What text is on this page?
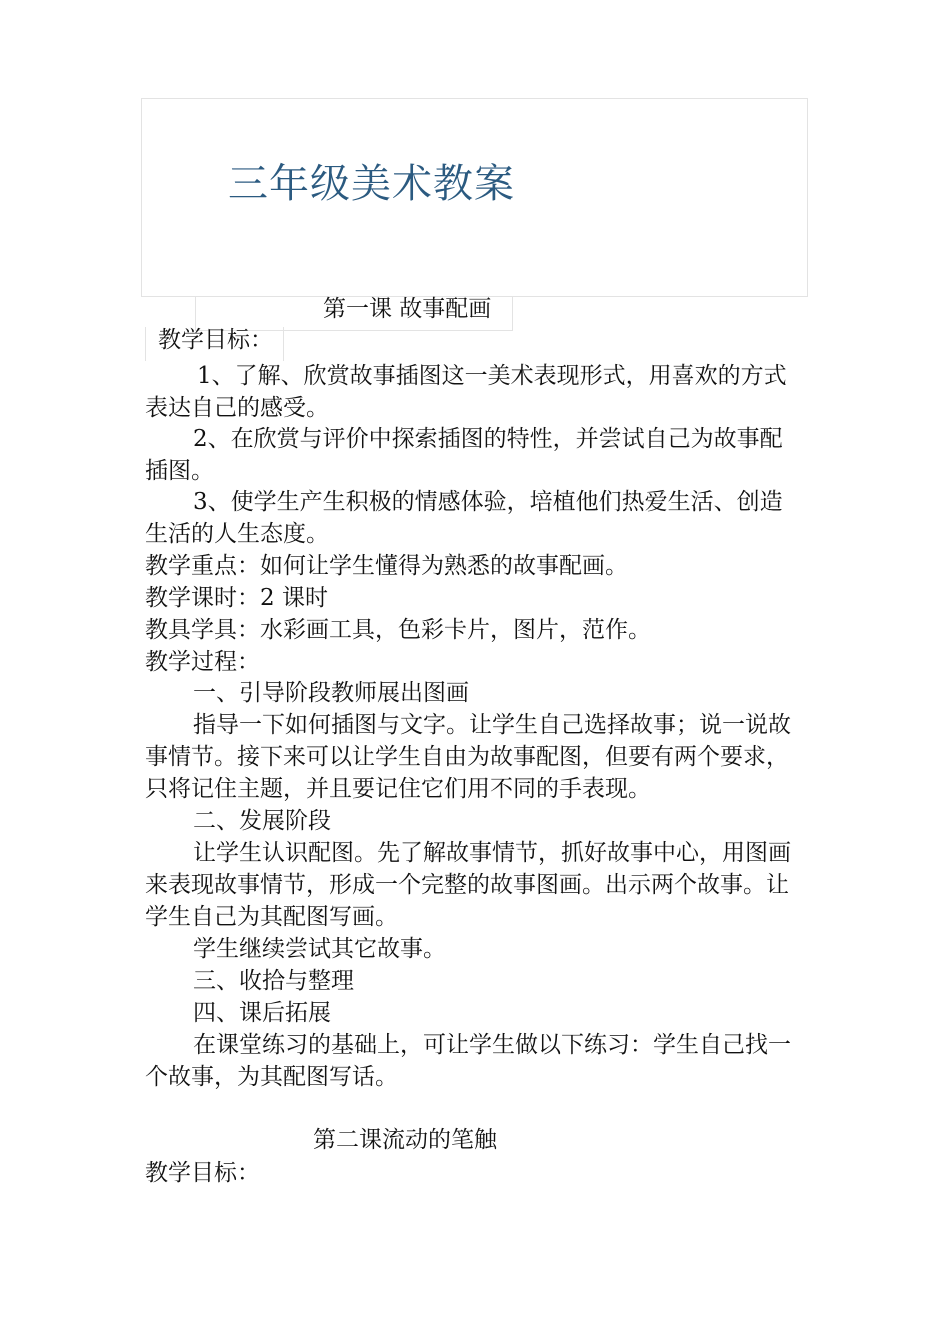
三年级美术教案
第一课 故事配画
教学目标：
1、了解、欣赏故事插图这一美术表现形式，用喜欢的方式
表达自己的感受。
2、在欣赏与评价中探索插图的特性，并尝试自己为故事配
插图。
3、使学生产生积极的情感体验，培植他们热爱生活、创造
生活的人生态度。
教学重点：如何让学生懂得为熟悉的故事配画。
教学课时：2 课时
教具学具：水彩画工具，色彩卡片，图片，范作。
教学过程：
一、引导阶段教师展出图画
指导一下如何插图与文字。让学生自己选择故事；说一说故
事情节。接下来可以让学生自由为故事配图，但要有两个要求，
只将记住主题，并且要记住它们用不同的手表现。
二、发展阶段
让学生认识配图。先了解故事情节，抓好故事中心，用图画
来表现故事情节，形成一个完整的故事图画。出示两个故事。让
学生自己为其配图写画。
学生继续尝试其它故事。
三、收拾与整理
四、课后拓展
在课堂练习的基础上，可让学生做以下练习：学生自己找一
个故事，为其配图写话。
第二课流动的笔触
教学目标：
